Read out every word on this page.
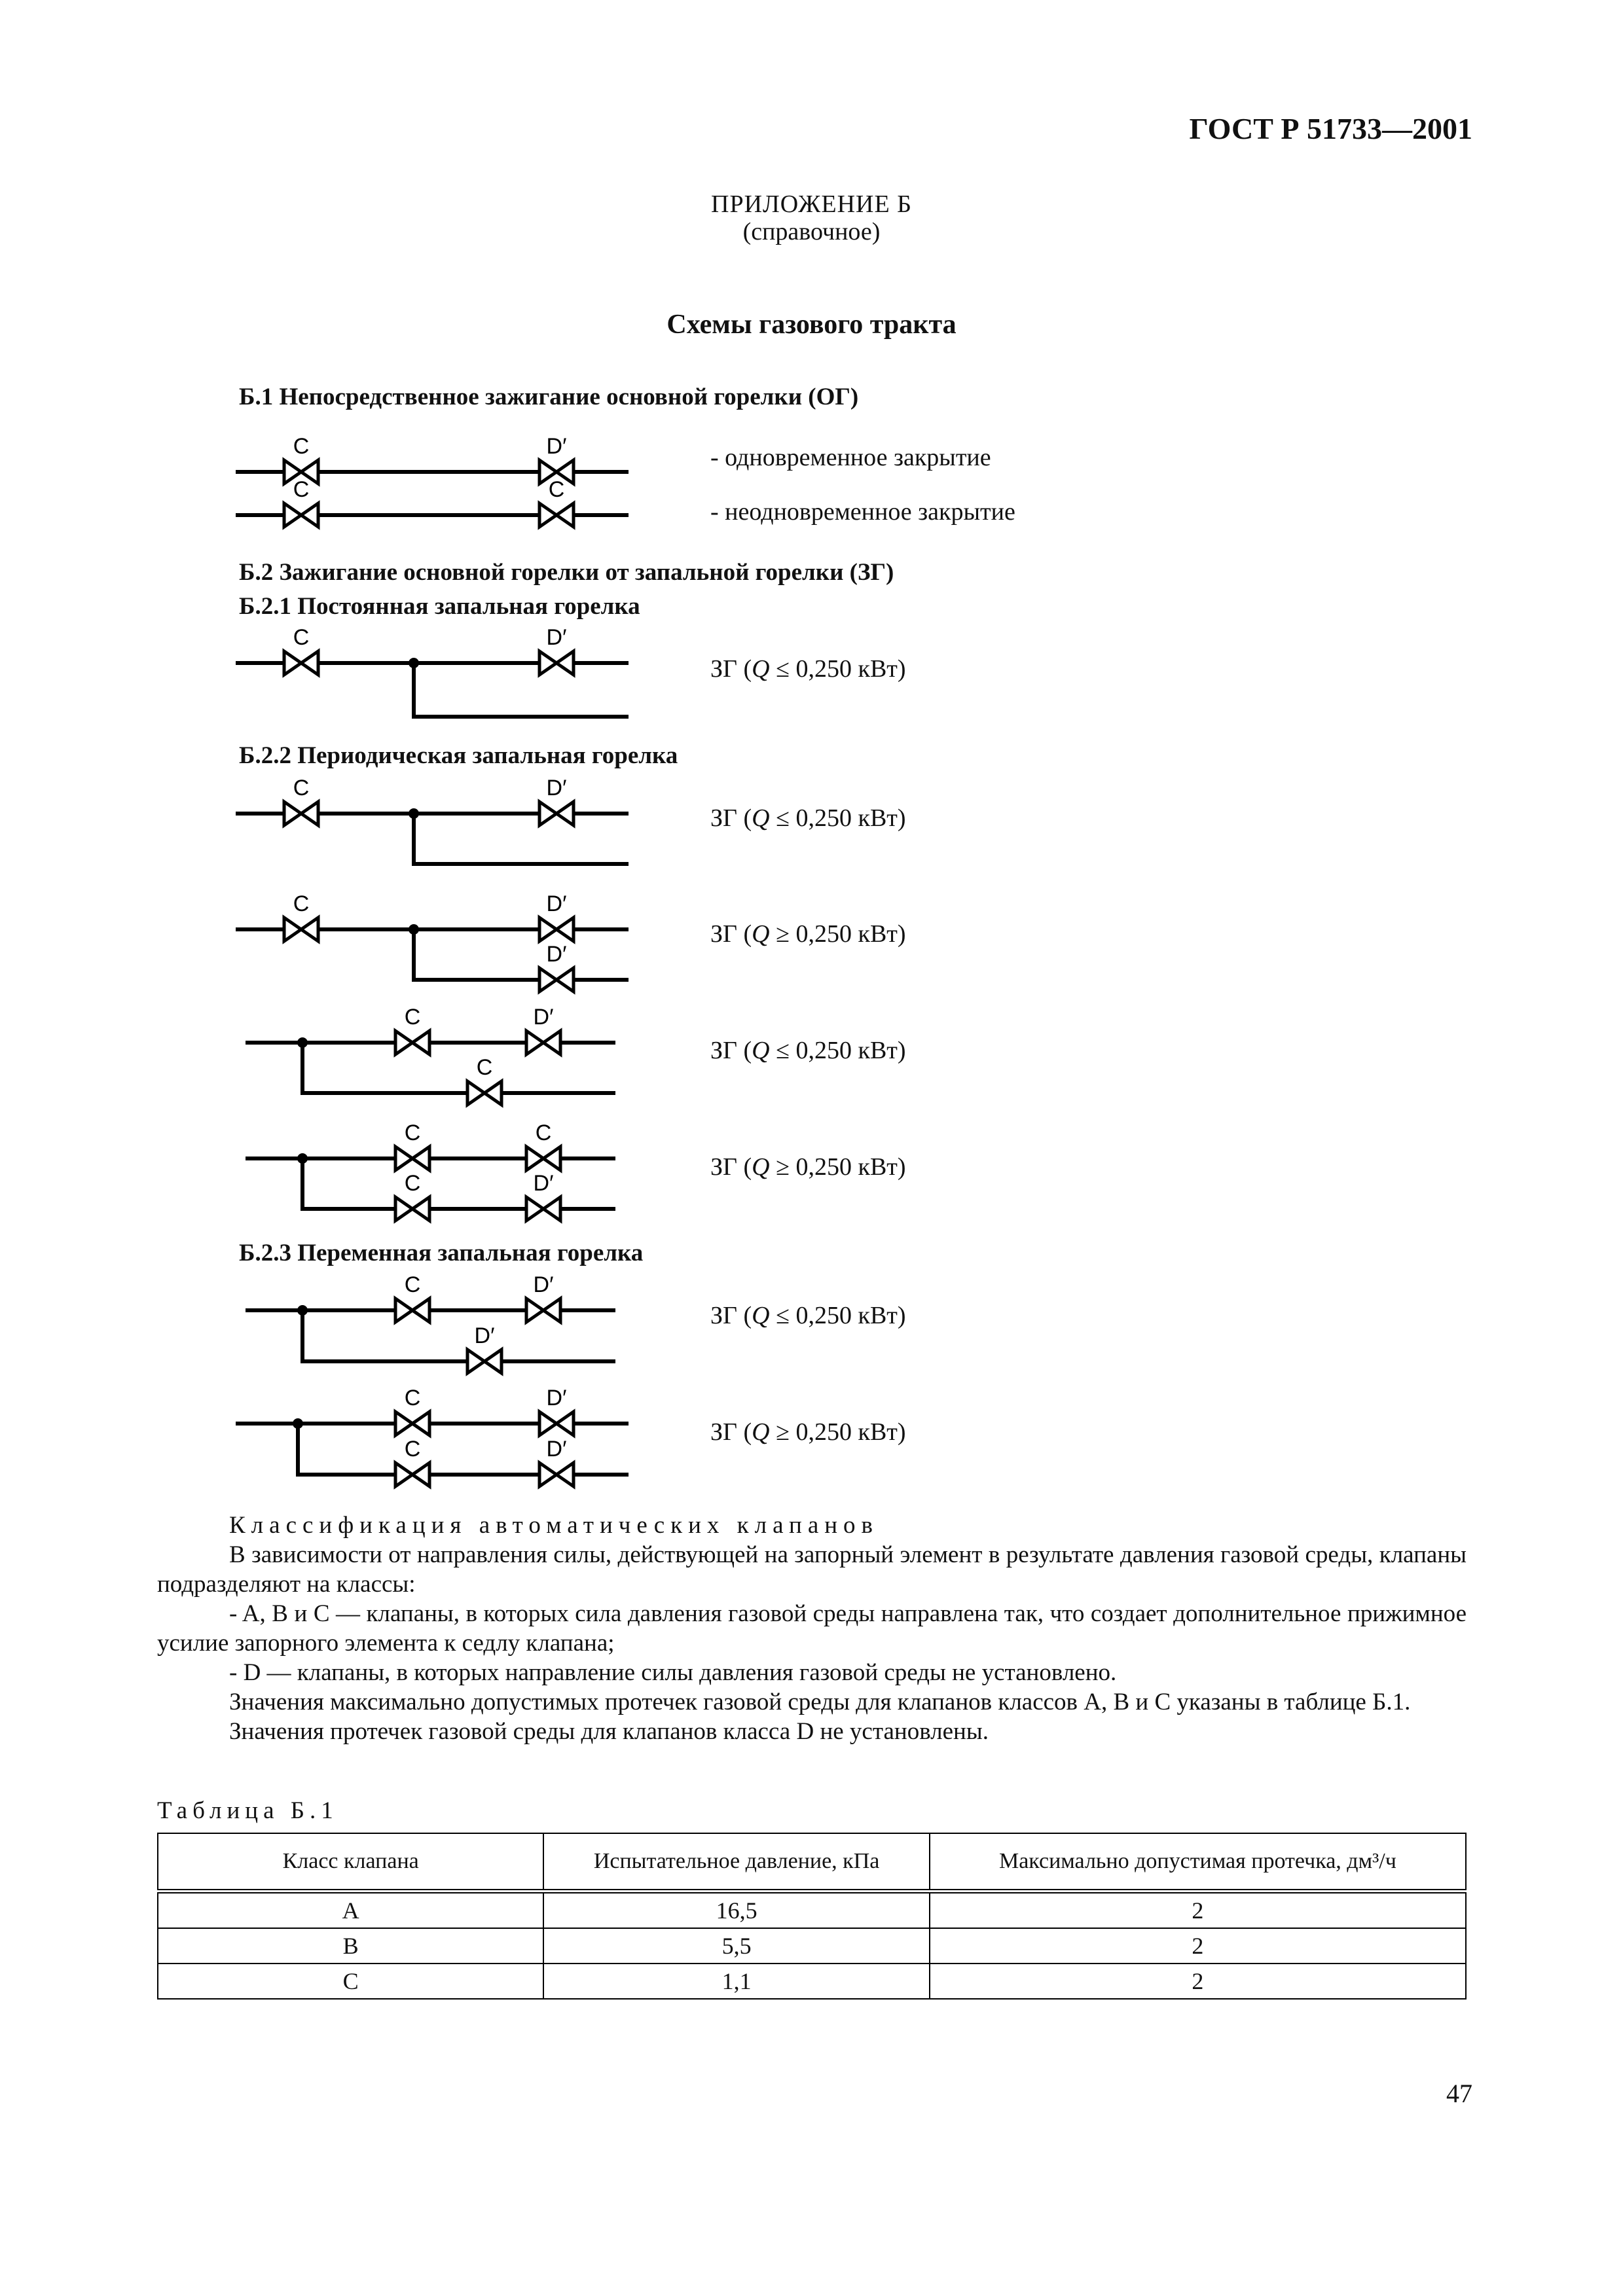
ГОСТ Р 51733—2001
ПРИЛОЖЕНИЕ Б
(справочное)
Схемы газового тракта
Б.1 Непосредственное зажигание основной горелки (ОГ)
Б.2 Зажигание основной горелки от запальной горелки (ЗГ)
Б.2.1 Постоянная запальная горелка
Б.2.2 Периодическая запальная горелка
Б.2.3 Переменная запальная горелка
- одновременное закрытие
- неодновременное закрытие
ЗГ (Q ≤ 0,250 кВт)
ЗГ (Q ≤ 0,250 кВт)
ЗГ (Q ≥ 0,250 кВт)
ЗГ (Q ≤ 0,250 кВт)
ЗГ (Q ≥ 0,250 кВт)
ЗГ (Q ≤ 0,250 кВт)
ЗГ (Q ≥ 0,250 кВт)
C	D′
C	C
C	D′
C	D′
C	D′
D′
C	D′
C
C	C
C	D′
C	D′
D′
C	D′
C	D′

Классификация автоматических клапанов

В зависимости от направления силы, действующей на запорный элемент в результате давления газовой среды, клапаны подразделяют на классы:

- A, B и C — клапаны, в которых сила давления газовой среды направлена так, что создает дополнительное прижимное усилие запорного элемента к седлу клапана;

- D — клапаны, в которых направление силы давления газовой среды не установлено.

Значения максимально допустимых протечек газовой среды для клапанов классов A, B и C указаны в таблице Б.1.

Значения протечек газовой среды для клапанов класса D не установлены.

Таблица Б.1
Класс клапана	Испытательное давление, кПа	Максимально допустимая протечка, дм³/ч
A	16,5	2
B	5,5	2
C	1,1	2
47
